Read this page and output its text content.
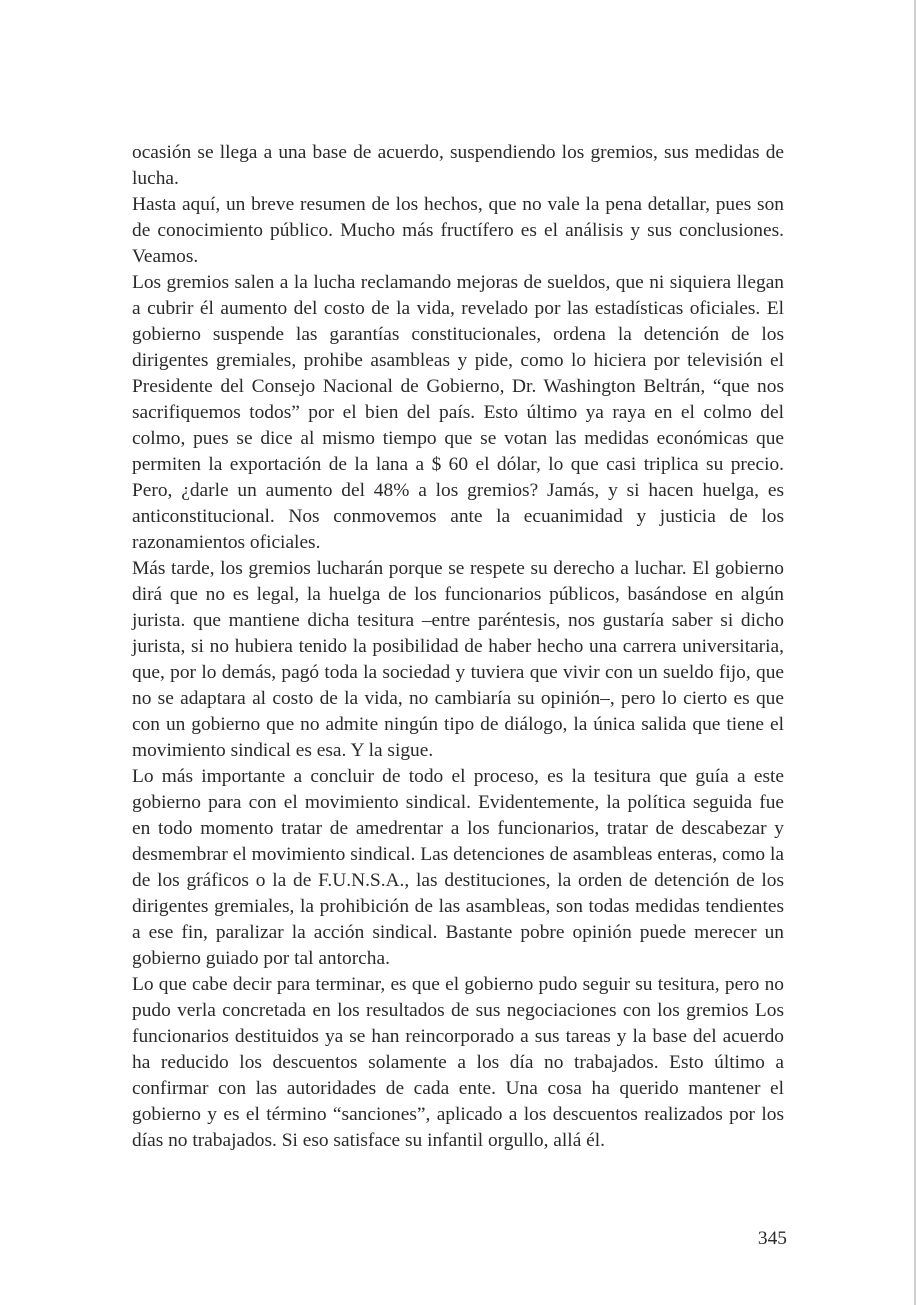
ocasión se llega a una base de acuerdo, suspendiendo los gremios, sus medidas de lucha.

Hasta aquí, un breve resumen de los hechos, que no vale la pena detallar, pues son de conocimiento público. Mucho más fructífero es el análisis y sus conclusiones. Veamos.

Los gremios salen a la lucha reclamando mejoras de sueldos, que ni siquiera llegan a cubrir él aumento del costo de la vida, revelado por las estadísticas oficiales. El gobierno suspende las garantías constitucionales, ordena la detención de los dirigentes gremiales, prohibe asambleas y pide, como lo hiciera por televisión el Presidente del Consejo Nacional de Gobierno, Dr. Washington Beltrán, “que nos sacrifiquemos todos” por el bien del país. Esto último ya raya en el colmo del colmo, pues se dice al mismo tiempo que se votan las medidas económicas que permiten la exportación de la lana a $ 60 el dólar, lo que casi triplica su precio. Pero, ¿darle un aumento del 48% a los gremios? Jamás, y si hacen huelga, es anticonstitucional. Nos conmovemos ante la ecuanimidad y justicia de los razonamientos oficiales.

Más tarde, los gremios lucharán porque se respete su derecho a luchar. El gobierno dirá que no es legal, la huelga de los funcionarios públicos, basándose en algún jurista. que mantiene dicha tesitura –entre paréntesis, nos gustaría saber si dicho jurista, si no hubiera tenido la posibilidad de haber hecho una carrera universitaria, que, por lo demás, pagó toda la sociedad y tuviera que vivir con un sueldo fijo, que no se adaptara al costo de la vida, no cambiaría su opinión–, pero lo cierto es que con un gobierno que no admite ningún tipo de diálogo, la única salida que tiene el movimiento sindical es esa. Y la sigue.

Lo más importante a concluir de todo el proceso, es la tesitura que guía a este gobierno para con el movimiento sindical. Evidentemente, la política seguida fue en todo momento tratar de amedrentar a los funcionarios, tratar de descabezar y desmembrar el movimiento sindical. Las detenciones de asambleas enteras, como la de los gráficos o la de F.U.N.S.A., las destituciones, la orden de detención de los dirigentes gremiales, la prohibición de las asambleas, son todas medidas tendientes a ese fin, paralizar la acción sindical. Bastante pobre opinión puede merecer un gobierno guiado por tal antorcha.

Lo que cabe decir para terminar, es que el gobierno pudo seguir su tesitura, pero no pudo verla concretada en los resultados de sus negociaciones con los gremios Los funcionarios destituidos ya se han reincorporado a sus tareas y la base del acuerdo ha reducido los descuentos solamente a los día no trabajados. Esto último a confirmar con las autoridades de cada ente. Una cosa ha querido mantener el gobierno y es el término “sanciones”, aplicado a los descuentos realizados por los días no trabajados. Si eso satisface su infantil orgullo, allá él.

345
